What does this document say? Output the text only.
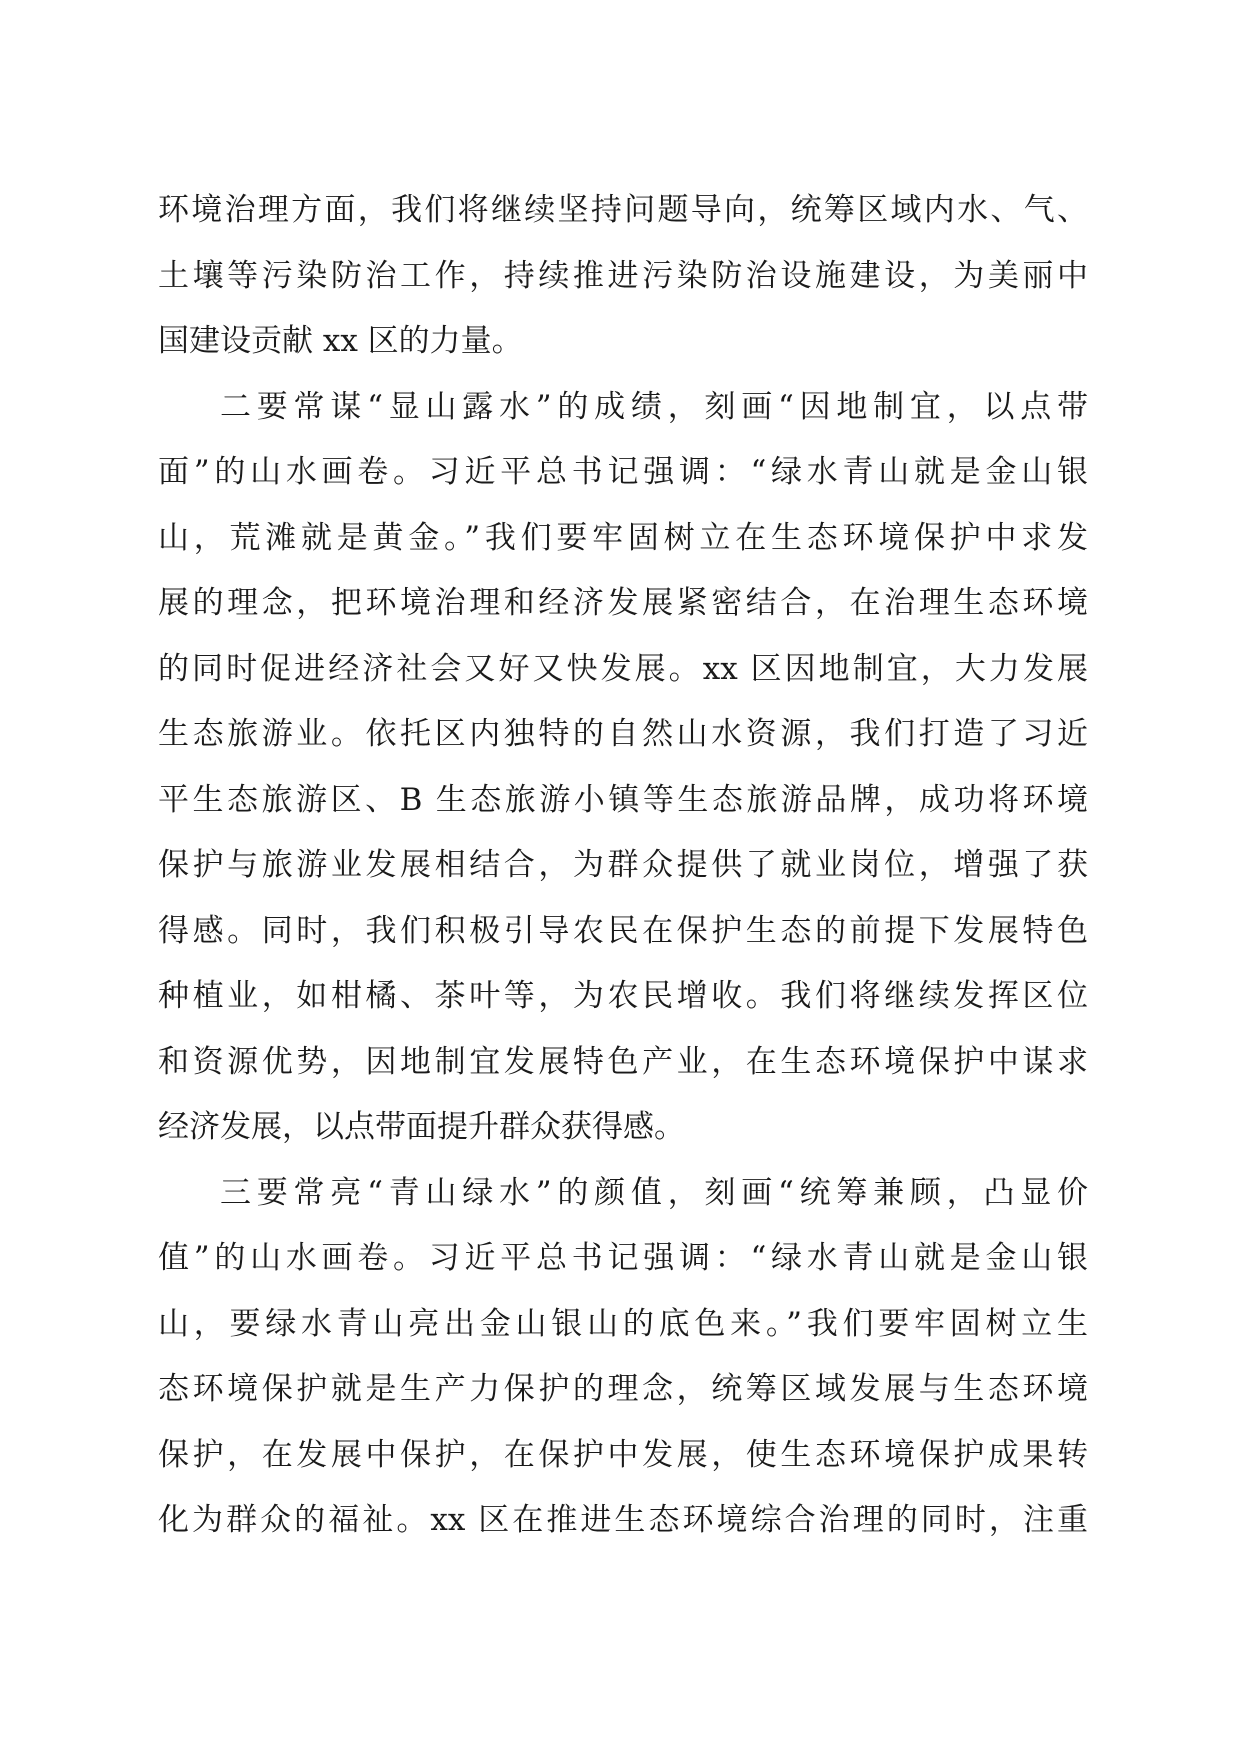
环境治理方面，我们将继续坚持问题导向，统筹区域内水、气、
土壤等污染防治工作，持续推进污染防治设施建设，为美丽中
国建设贡献 xx 区的力量。
二要常谋“显山露水”的成绩，刻画“因地制宜，以点带
面”的山水画卷。习近平总书记强调：“绿水青山就是金山银
山，荒滩就是黄金。”我们要牢固树立在生态环境保护中求发
展的理念，把环境治理和经济发展紧密结合，在治理生态环境
的同时促进经济社会又好又快发展。xx 区因地制宜，大力发展
生态旅游业。依托区内独特的自然山水资源，我们打造了习近
平生态旅游区、B 生态旅游小镇等生态旅游品牌，成功将环境
保护与旅游业发展相结合，为群众提供了就业岗位，增强了获
得感。同时，我们积极引导农民在保护生态的前提下发展特色
种植业，如柑橘、茶叶等，为农民增收。我们将继续发挥区位
和资源优势，因地制宜发展特色产业，在生态环境保护中谋求
经济发展，以点带面提升群众获得感。
三要常亮“青山绿水”的颜值，刻画“统筹兼顾，凸显价
值”的山水画卷。习近平总书记强调：“绿水青山就是金山银
山，要绿水青山亮出金山银山的底色来。”我们要牢固树立生
态环境保护就是生产力保护的理念，统筹区域发展与生态环境
保护，在发展中保护，在保护中发展，使生态环境保护成果转
化为群众的福祉。xx 区在推进生态环境综合治理的同时，注重
